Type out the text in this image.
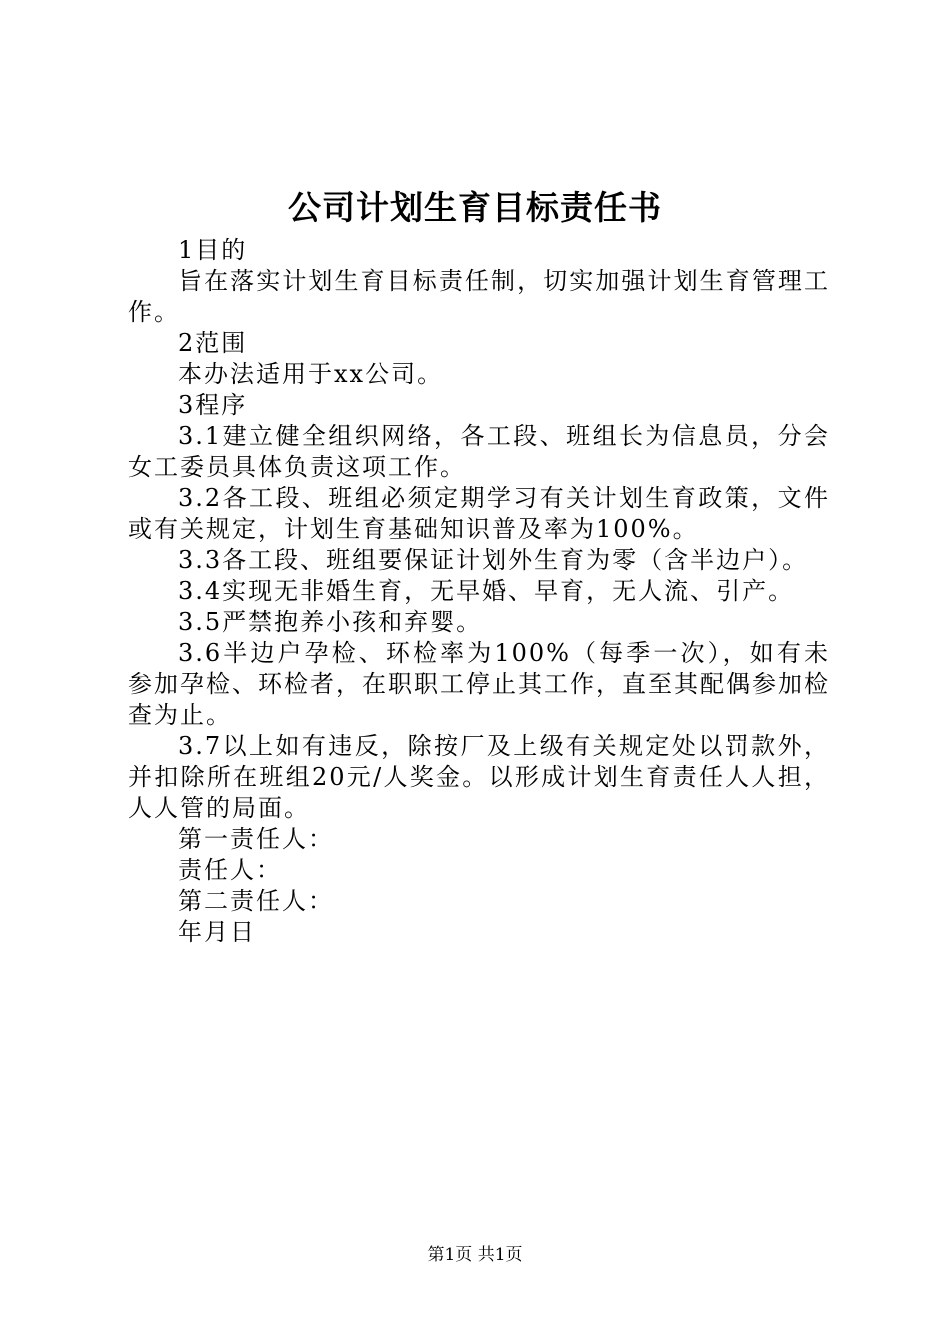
公司计划生育目标责任书

1目的

旨在落实计划生育目标责任制，切实加强计划生育管理工作。

2范围

本办法适用于xx公司。

3程序

3.1建立健全组织网络，各工段、班组长为信息员，分会女工委员具体负责这项工作。

3.2各工段、班组必须定期学习有关计划生育政策，文件或有关规定，计划生育基础知识普及率为100%。

3.3各工段、班组要保证计划外生育为零（含半边户）。

3.4实现无非婚生育，无早婚、早育，无人流、引产。

3.5严禁抱养小孩和弃婴。

3.6半边户孕检、环检率为100%（每季一次），如有未参加孕检、环检者，在职职工停止其工作，直至其配偶参加检查为止。

3.7以上如有违反，除按厂及上级有关规定处以罚款外，并扣除所在班组20元/人奖金。以形成计划生育责任人人担，人人管的局面。

第一责任人：

责任人：

第二责任人：

年月日

第1页 共1页
